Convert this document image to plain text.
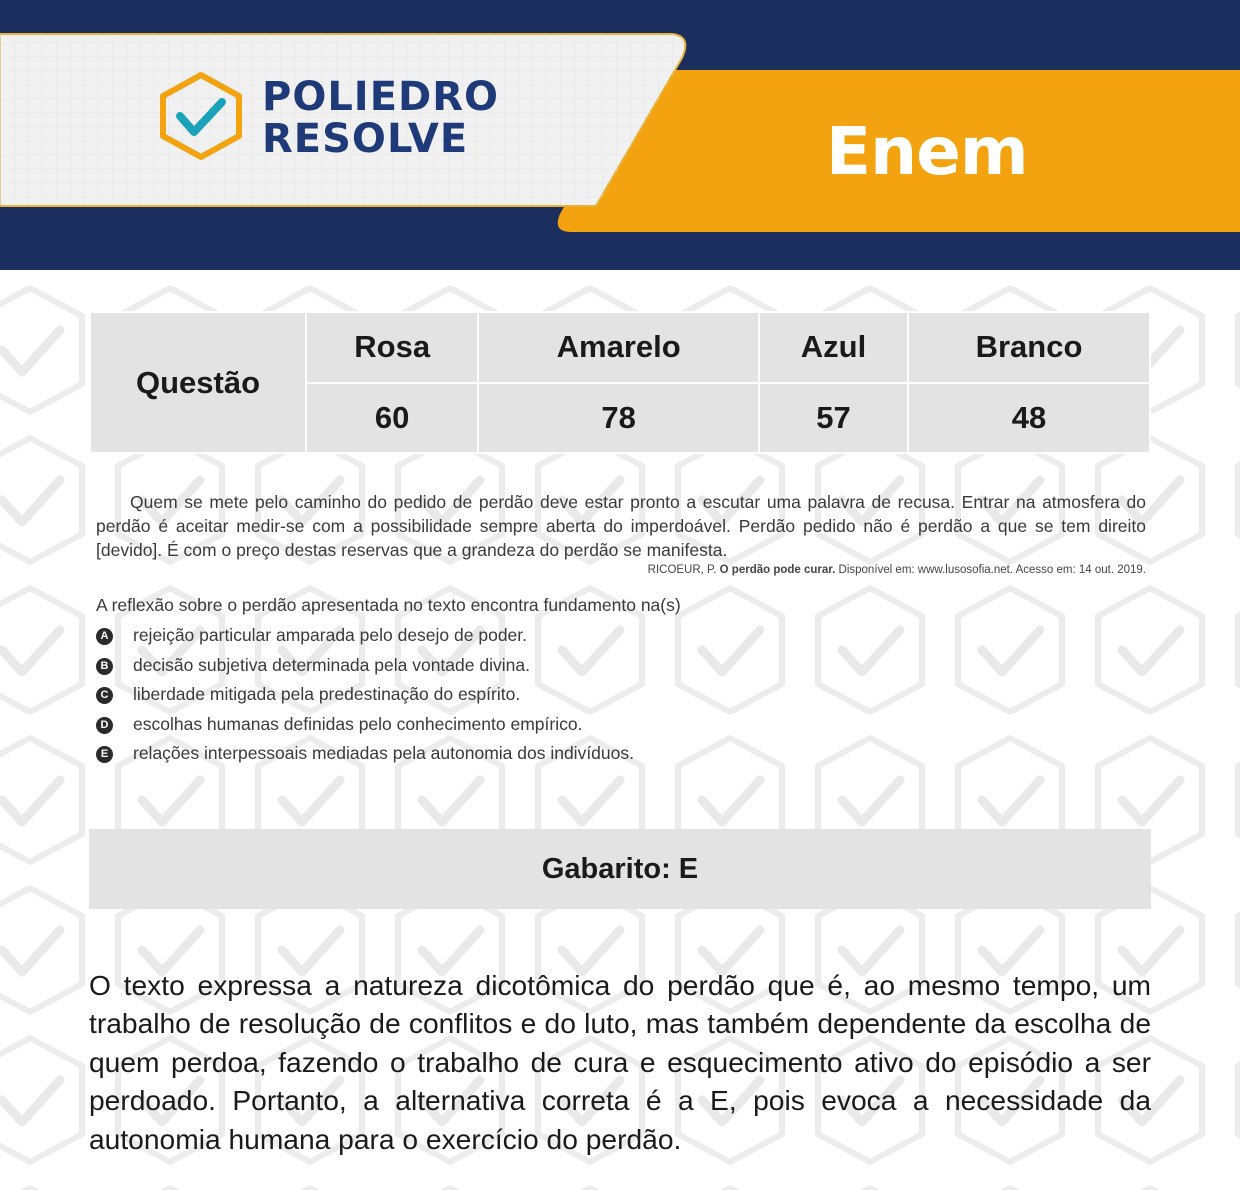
POLIEDRO
RESOLVE	Enem
Questão	Rosa	Amarelo	Azul	Branco
	60	78	57	48

Quem se mete pelo caminho do pedido de perdão deve estar pronto a escutar uma palavra de recusa. Entrar na atmosfera do perdão é aceitar medir-se com a possibilidade sempre aberta do imperdoável. Perdão pedido não é perdão a que se tem direito [devido]. É com o preço destas reservas que a grandeza do perdão se manifesta.

RICOEUR, P. O perdão pode curar. Disponível em: www.lusosofia.net. Acesso em: 14 out. 2019.
A reflexão sobre o perdão apresentada no texto encontra fundamento na(s)
A rejeição particular amparada pelo desejo de poder.
B decisão subjetiva determinada pela vontade divina.
C liberdade mitigada pela predestinação do espírito.
D escolhas humanas definidas pelo conhecimento empírico.
E relações interpessoais mediadas pela autonomia dos indivíduos.
Gabarito: E

O texto expressa a natureza dicotômica do perdão que é, ao mesmo tempo, um trabalho de resolução de conflitos e do luto, mas também dependente da escolha de quem perdoa, fazendo o trabalho de cura e esquecimento ativo do episódio a ser perdoado. Portanto, a alternativa correta é a E, pois evoca a necessidade da autonomia humana para o exercício do perdão.
